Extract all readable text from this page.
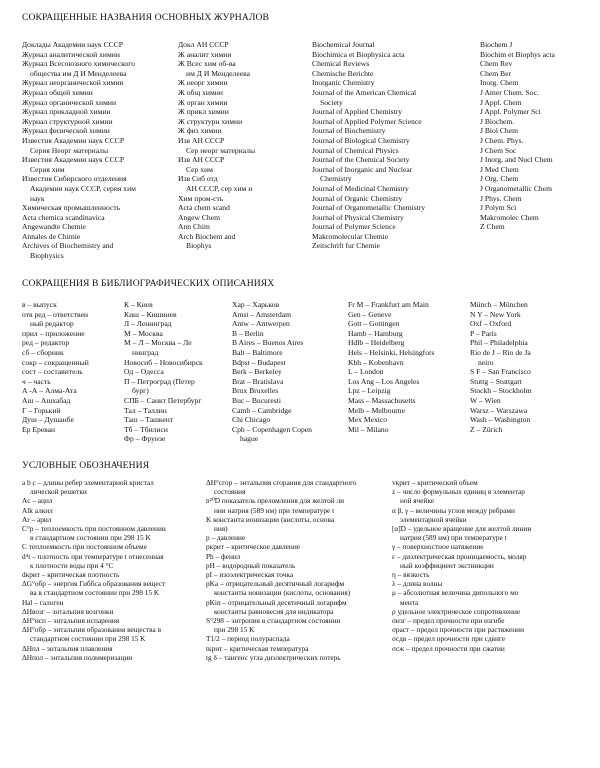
СОКРАЩЕННЫЕ НАЗВАНИЯ ОСНОВНЫХ ЖУРНАЛОВ
Доклады Академии наук СССР
Журнал аналитической химии
Журнал Всесоюзного химического
общества им Д И Менделеева
Журнал неорганической химии
Журнал общей химии
Журнал органической химии
Журнал прикладной химии
Журнал структурной химии
Журнал физической химии
Известия Академии наук СССР
Серия Неорг материалы
Известия Академии наук СССР
Серия хим
Известия Сибирского отделения
Академии наук СССР, серия хим
наук
Химическая промышленность
Acta chemica scandinavica
Angewandte Chemie
Annales de Chimie
Archives of Biochemistry and
Biophysics
Докл АН СССР
Ж аналит химии
Ж Всес хим об-ва
им Д И Менделеева
Ж неорг химии
Ж общ химии
Ж орган химии
Ж прикл химии
Ж структурн химии
Ж физ химии
Изв АН СССР
Сер неорг материалы
Изв АН СССР
Сер хим
Изв Сиб отд
АН СССР, сер хим и
Хим пром-сть
Acta chem scand
Angew Chem
Ann Chim
Arch Biochem and
Biophys
Biochemical Journal
Biochimica et Biophysica acta
Chemical Reviews
Chemische Berichte
Inorganic Chemistry
Journal of the American Chemical
Society
Journal of Applied Chemistry
Journal of Applied Polymer Science
Journal of Biochemistry
Journal of Biological Chemistry
Journal of Chemical Physics
Journal of the Chemical Society
Journal of Inorganic and Nuclear
Chemistry
Journal of Medicinal Chemistry
Journal of Organic Chemistry
Journal of Organometallic Chemistry
Journal of Physical Chemistry
Journal of Polymer Science
Makromolecular Chemie
Zeitschrift fur Chemie
Biochem J
Biochim et Biophys acta
Chem Rev
Chem Ber
Inorg. Chem
J Amer Chem. Soc.
J Appl. Chem
J Appl. Polymer Sci
J Biochem.
J Biol Chem
J Chem. Phys.
J Chem Soc
J Inorg. and Nucl Chem
J Med Chem
J Org. Chem
J Organometallic Chem
J Phys. Chem
J Polym Sci
Makromolec Chem
Z Chem
СОКРАЩЕНИЯ В БИБЛИОГРАФИЧЕСКИХ ОПИСАНИЯХ
в – выпуск
отв ред – ответствен
ный редактор
прил – приложение
ред – редактор
сб – сборник
сокр – сокращенный
сост – составитель
ч – часть
А -А – Алма-Ата
Аш – Ашхабад
Г – Горький
Душ – Душанбе
Ер Ереван
К – Киев
Киш – Кишинев
Л – Ленинград
М – Москва
М – Л – Москва – Ле
нинград
Новосиб – Новосибирск
Од – Одесса
П – Петроград (Петер
бург)
СПБ – Санкт Петербург
Тал – Таллин
Таш – Ташкент
Тб – Тбилиси
Фр – Фрунзе
Хар – Харьков
Amst – Amsterdam
Antw – Antwerpen
B – Berlin
B Aires – Buenos Aires
Balt – Baltimore
Bdpst – Budapest
Berk – Berkeley
Brat – Bratislava
Brux Bruxelles
Buc – Bucuresti
Camb – Cambridge
Chi Chicago
Cph – Copenhagen Copen
hague
Fr M – Frankfurt am Main
Gen – Geneve
Gott – Gottingen
Hamb – Hamburg
Hdlb – Heidelberg
Hels – Helsinki, Helsingfors
Kbh – Kobenhavn
L – London
Los Ang – Los Angeles
Lpz – Leipzig
Mass – Massachusetts
Melb – Melbourne
Mex Mexico
Mil – Milano
Münch – München
N Y – New York
Oxf – Oxford
P – Paris
Phil – Philadelphia
Rio de J – Rio de Ja
neiro
S F – San Francisco
Stuttg – Stuttgart
Stockh – Stockholm
W – Wien
Warsz – Warszawa
Wash – Washington
Z – Zürich
УСЛОВНЫЕ ОБОЗНАЧЕНИЯ
a b c – длины ребер элементарной кристал
лической решетки
Ac – ацил
Alk алкил
Ar – арил
C°p – теплоемкость при постоянном давлении
в стандартном состоянии при 298 15 K
C теплоемкость при постоянном объеме
d⁴t – плотность при температуре t отнесенная
к плотности воды при 4 °C
dкрит – критическая плотность
ΔG°обр – энергия Гиббса образования вещест
ва в стандартном состоянии при 298 15 K
Hal – галоген
ΔHвозг – энтальпия возгонки
ΔH°исп – энтальпия испарения
ΔH°обр – энтальпия образования вещества в
стандартном состоянии при 298 15 K
ΔHпл – энтальпия плавления
ΔHпол – энтальпия полимеризации
ΔH°сгор – энтальпия сгорания для стандартного
состояния
n²⁰D показатель преломления для желтой ли
нии натрия (589 нм) при температуре t
K константа ионизации (кислоты, основа
ния)
p – давление
pкрит – критическое давление
Ph – фенил
pH – водородный показатель
pI – изоэлектрическая точка
pKa – отрицательный десятичный логарифм
константы ионизации (кислоты, основания)
pKin – отрицательный десятичный логарифм
константы равновесия для индикатора
S°298 – энтропия в стандартном состоянии
при 298 15 K
T1/2 – период полураспада
tкрит – критическая температура
tg δ – тангенс угла диэлектрических потерь
vкрит – критический объем
z – число формульных единиц в элементар
ной ячейке
α β, γ – величины углов между ребрами
элементарной ячейки
[α]D – удельное вращение для желтой линии
натрия (589 нм) при температуре t
γ – поверхностное натяжение
ε – диэлектрическая проницаемость, моляр
ный коэффициент экстинкции
η – вязкость
λ – длина волны
μ – абсолютная величина дипольного мо
мента
ρ удельное электрическое сопротивление
σизг – предел прочности при изгибе
σраст – предел прочности при растяжении
σсдв – предел прочности при сдвиге
σсж – предел прочности при сжатии
